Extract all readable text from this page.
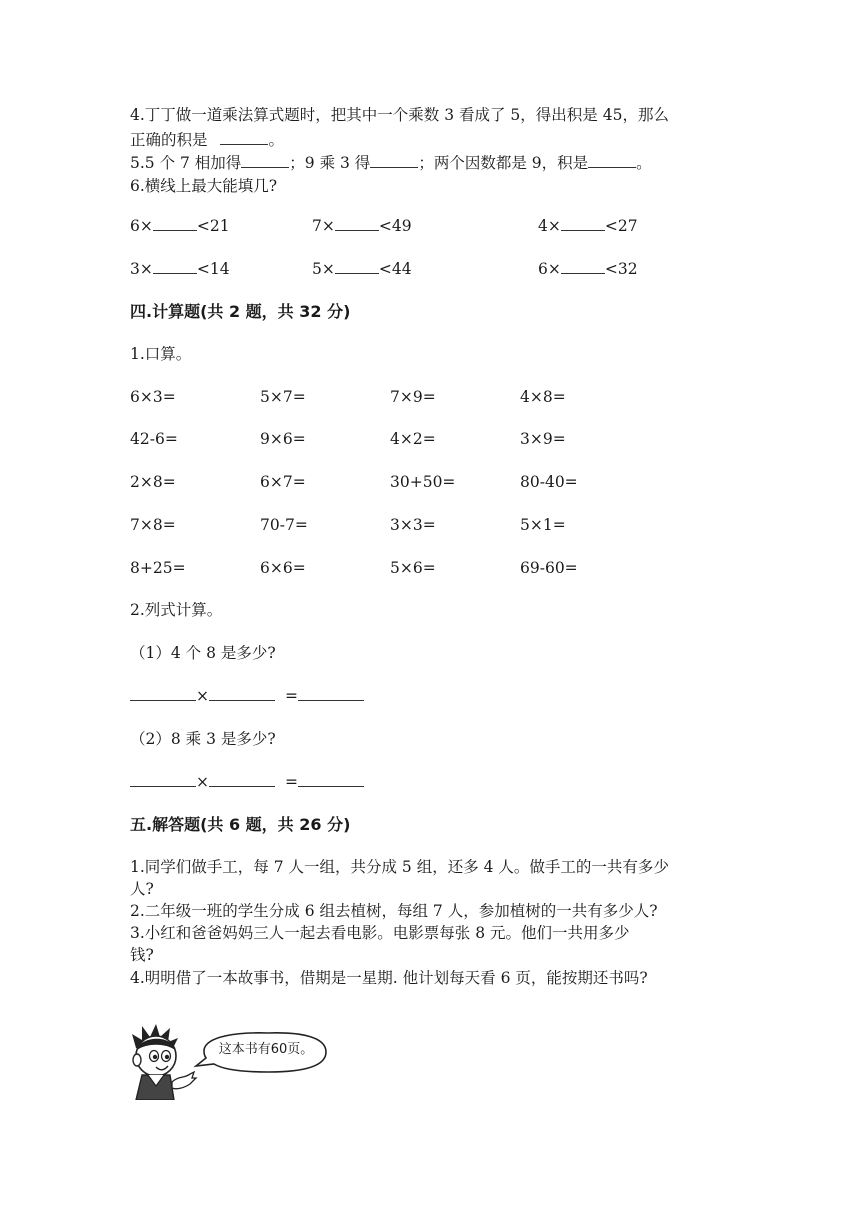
4.丁丁做一道乘法算式题时，把其中一个乘数 3 看成了 5，得出积是 45，那么
正确的积是	。
5.5 个 7 相加得	；9 乘 3 得	；两个因数都是 9，积是	。
6.横线上最大能填几?
6×	<21	7×	<49	4×	<27
3×	<14	5×	<44	6×	<32
四.计算题(共 2 题，共 32 分)
1.口算。
6×3=	5×7=	7×9=	4×8=
42-6=	9×6=	4×2=	3×9=
2×8=	6×7=	30+50=	80-40=
7×8=	70-7=	3×3=	5×1=
8+25=	6×6=	5×6=	69-60=
2.列式计算。
（1）4 个 8 是多少?
×	=
（2）8 乘 3 是多少?
×	=
五.解答题(共 6 题，共 26 分)
1.同学们做手工，每 7 人一组，共分成 5 组，还多 4 人。做手工的一共有多少
人?
2.二年级一班的学生分成 6 组去植树，每组 7 人，参加植树的一共有多少人?
3.小红和爸爸妈妈三人一起去看电影。电影票每张 8 元。他们一共用多少
钱?
4.明明借了一本故事书，借期是一星期. 他计划每天看 6 页，能按期还书吗?
这本书有60页。
